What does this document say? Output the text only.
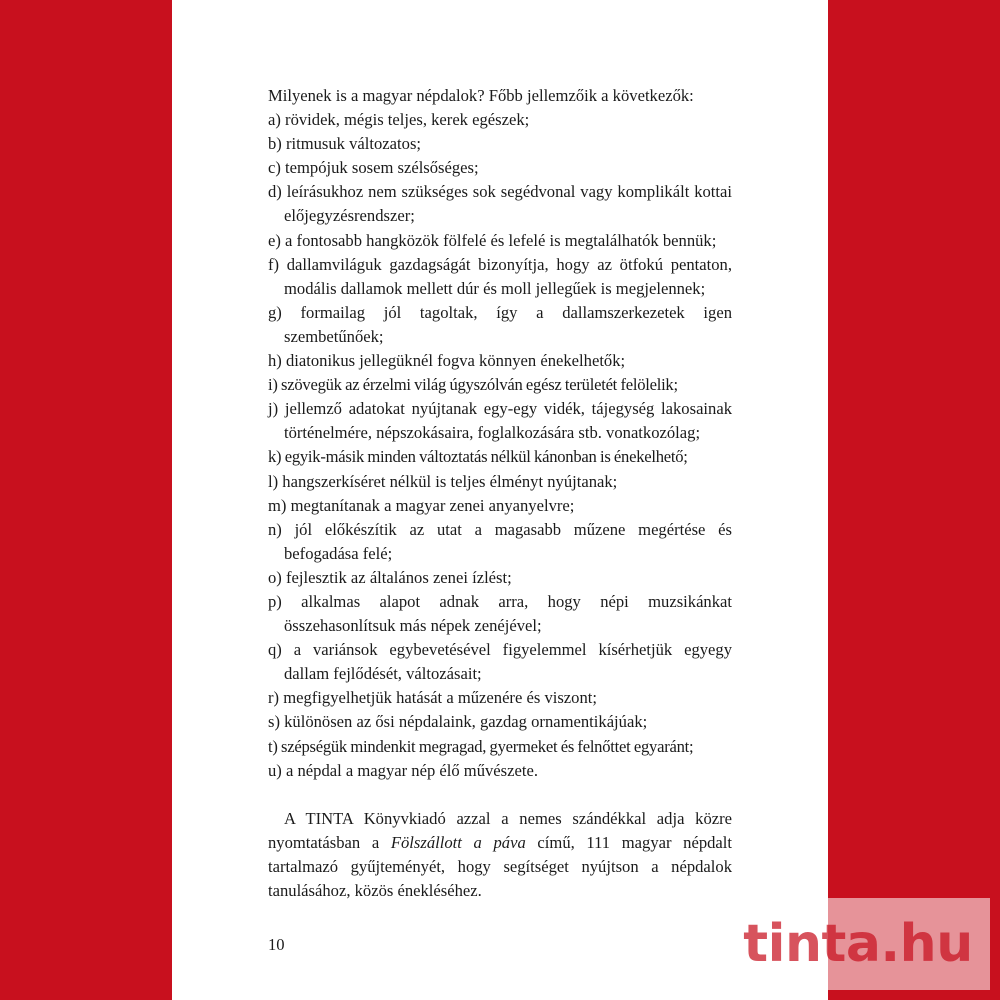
Milyenek is a magyar népdalok? Főbb jellemzőik a következők:
a) rövidek, mégis teljes, kerek egészek;
b) ritmusuk változatos;
c) tempójuk sosem szélsőséges;
d) leírásukhoz nem szükséges sok segédvonal vagy komplikált kottai előjegyzésrendszer;
e) a fontosabb hangközök fölfelé és lefelé is megtalálhatók bennük;
f) dallamviláguk gazdagságát bizonyítja, hogy az ötfokú pentaton, modális dallamok mellett dúr és moll jellegűek is megjelennek;
g) formailag jól tagoltak, így a dallamszerkezetek igen szembetűnőek;
h) diatonikus jellegüknél fogva könnyen énekelhetők;
i) szövegük az érzelmi világ úgyszólván egész területét felölelik;
j) jellemző adatokat nyújtanak egy-egy vidék, tájegység lakosainak történelmére, népszokásaira, foglalkozására stb. vonatkozólag;
k) egyik-másik minden változtatás nélkül kánonban is énekelhető;
l) hangszerkíséret nélkül is teljes élményt nyújtanak;
m) megtanítanak a magyar zenei anyanyelvre;
n) jól előkészítik az utat a magasabb műzene megértése és befogadása felé;
o) fejlesztik az általános zenei ízlést;
p) alkalmas alapot adnak arra, hogy népi muzsikánkat összehasonlítsuk más népek zenéjével;
q) a variánsok egybevetésével figyelemmel kísérhetjük egyegy dallam fejlődését, változásait;
r) megfigyelhetjük hatását a műzenére és viszont;
s) különösen az ősi népdalaink, gazdag ornamentikájúak;
t) szépségük mindenkit megragad, gyermeket és felnőttet egyaránt;
u) a népdal a magyar nép élő művészete.

A TINTA Könyvkiadó azzal a nemes szándékkal adja közre nyomtatásban a Fölszállott a páva című, 111 magyar népdalt tartalmazó gyűjteményét, hogy segítséget nyújtson a népdalok tanulásához, közös énekléséhez.

10	tinta.hu
